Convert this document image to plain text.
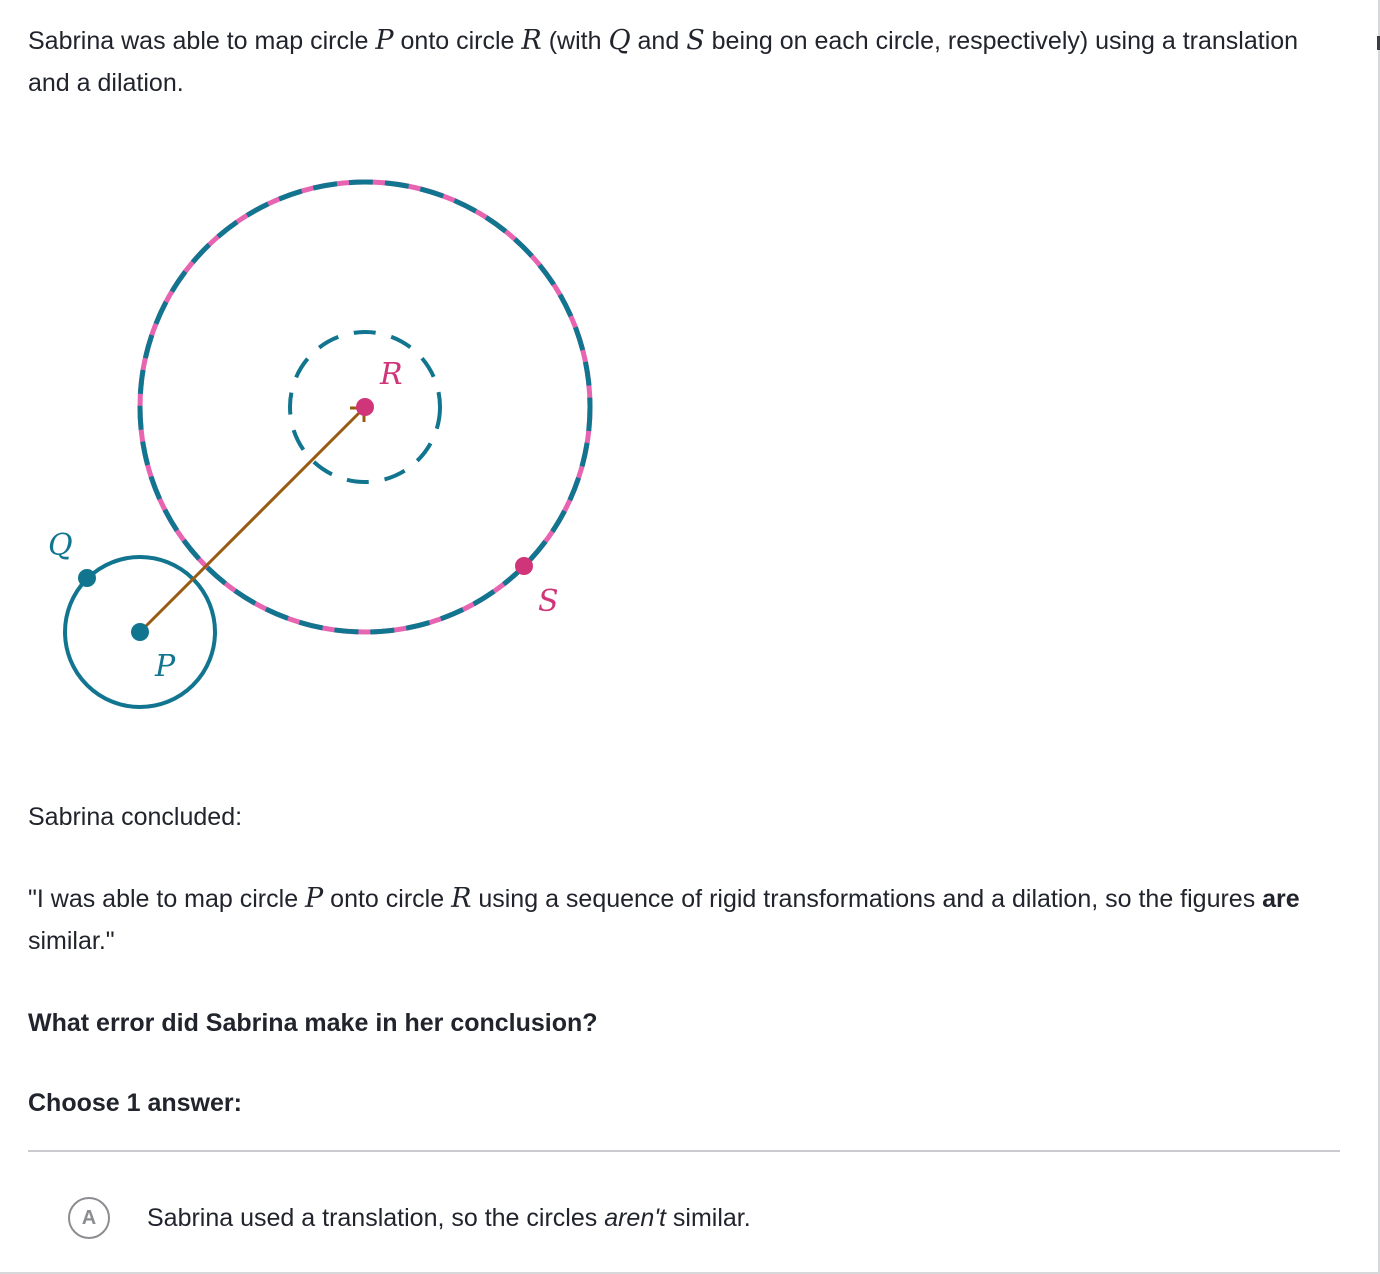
Sabrina was able to map circle P onto circle R (with Q and S being on each circle, respectively) using a translation and a dilation.

R
Q
S
P

Sabrina concluded:

"I was able to map circle P onto circle R using a sequence of rigid transformations and a dilation, so the figures are similar."

What error did Sabrina make in her conclusion?

Choose 1 answer:

A	Sabrina used a translation, so the circles aren't similar.
